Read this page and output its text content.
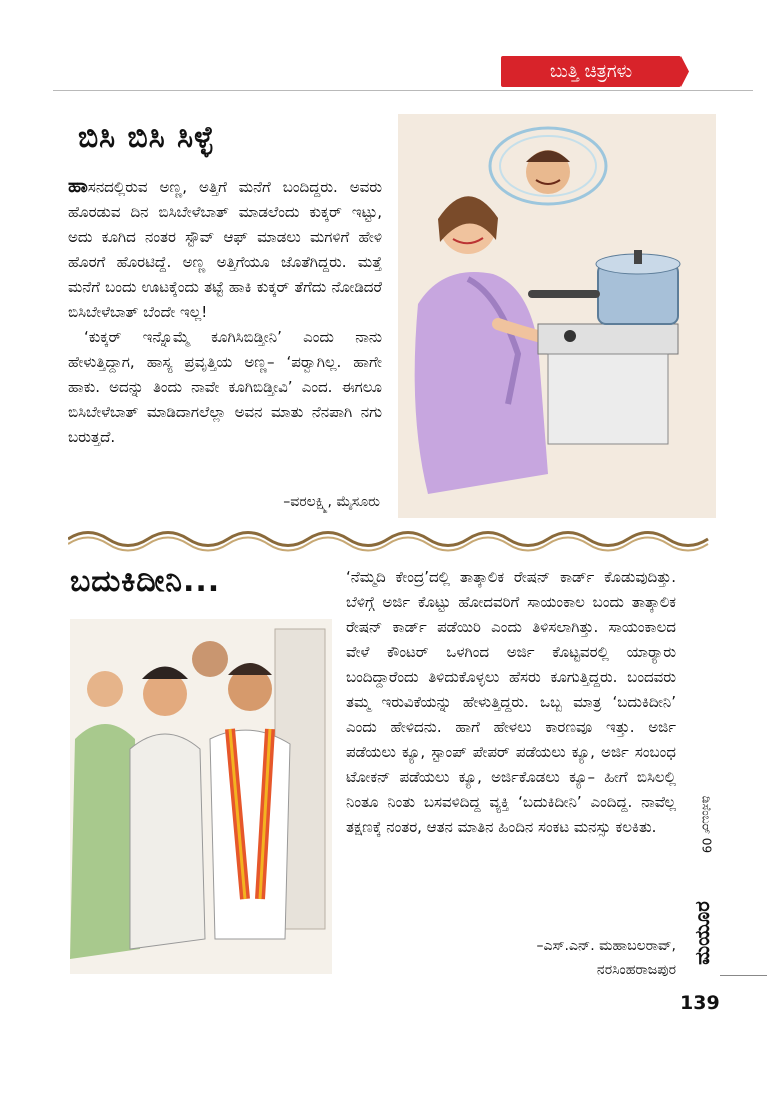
ಬುತ್ತಿ ಚಿತ್ರಗಳು
ಬಿಸಿ ಬಿಸಿ ಸಿಳ್ಳೆ

ಹಾಸನದಲ್ಲಿರುವ ಅಣ್ಣ, ಅತ್ತಿಗೆ ಮನೆಗೆ ಬಂದಿದ್ದರು. ಅವರು ಹೊರಡುವ ದಿನ ಬಿಸಿಬೇಳೆಬಾತ್ ಮಾಡಲೆಂದು ಕುಕ್ಕರ್ ಇಟ್ಟು, ಅದು ಕೂಗಿದ ನಂತರ ಸ್ಟೌವ್ ಆಫ್ ಮಾಡಲು ಮಗಳಿಗೆ ಹೇಳಿ ಹೊರಗೆ ಹೊರಟಿದ್ದೆ. ಅಣ್ಣ ಅತ್ತಿಗೆಯೂ ಜೊತೆಗಿದ್ದರು. ಮತ್ತೆ ಮನೆಗೆ ಬಂದು ಊಟಕ್ಕೆಂದು ತಟ್ಟೆ ಹಾಕಿ ಕುಕ್ಕರ್ ತೆಗೆದು ನೋಡಿದರೆ ಬಿಸಿಬೇಳೆಬಾತ್ ಬೆಂದೇ ಇಲ್ಲ!

‘ಕುಕ್ಕರ್ ಇನ್ನೊಮ್ಮೆ ಕೂಗಿಸಿಬಿಡ್ತೀನಿ’ ಎಂದು ನಾನು ಹೇಳುತ್ತಿದ್ದಾಗ, ಹಾಸ್ಯ ಪ್ರವೃತ್ತಿಯ ಅಣ್ಣ– ‘ಪರ್‍ವಾಗಿಲ್ಲ. ಹಾಗೇ ಹಾಕು. ಅದನ್ನು ತಿಂದು ನಾವೇ ಕೂಗಿಬಿಡ್ತೀವಿ’ ಎಂದ. ಈಗಲೂ ಬಿಸಿಬೇಳೆಬಾತ್ ಮಾಡಿದಾಗಲೆಲ್ಲಾ ಅವನ ಮಾತು ನೆನಪಾಗಿ ನಗು ಬರುತ್ತದೆ.

–ವರಲಕ್ಷ್ಮಿ, ಮೈಸೂರು
ಬದುಕಿದೀನಿ...	‘ನೆಮ್ಮದಿ ಕೇಂದ್ರ’ದಲ್ಲಿ ತಾತ್ಕಾಲಿಕ ರೇಷನ್ ಕಾರ್ಡ್ ಕೊಡುವುದಿತ್ತು. ಬೆಳಿಗ್ಗೆ ಅರ್ಜಿ ಕೊಟ್ಟು ಹೋದವರಿಗೆ ಸಾಯಂಕಾಲ ಬಂದು ತಾತ್ಕಾಲಿಕ ರೇಷನ್ ಕಾರ್ಡ್ ಪಡೆಯಿರಿ ಎಂದು ತಿಳಿಸಲಾಗಿತ್ತು. ಸಾಯಂಕಾಲದ ವೇಳೆ ಕೌಂಟರ್ ಒಳಗಿಂದ ಅರ್ಜಿ ಕೊಟ್ಟವರಲ್ಲಿ ಯಾರ್‍ಯಾರು ಬಂದಿದ್ದಾರೆಂದು ತಿಳಿದುಕೊಳ್ಳಲು ಹೆಸರು ಕೂಗುತ್ತಿದ್ದರು. ಬಂದವರು ತಮ್ಮ ಇರುವಿಕೆಯನ್ನು ಹೇಳುತ್ತಿದ್ದರು. ಒಬ್ಬ ಮಾತ್ರ ‘ಬದುಕಿದೀನಿ’ ಎಂದು ಹೇಳಿದನು. ಹಾಗೆ ಹೇಳಲು ಕಾರಣವೂ ಇತ್ತು. ಅರ್ಜಿ ಪಡೆಯಲು ಕ್ಯೂ, ಸ್ಟಾಂಪ್ ಪೇಪರ್ ಪಡೆಯಲು ಕ್ಯೂ, ಅರ್ಜಿ ಸಂಬಂಧ ಟೋಕನ್ ಪಡೆಯಲು ಕ್ಯೂ, ಅರ್ಜಿಕೊಡಲು ಕ್ಯೂ– ಹೀಗೆ ಬಿಸಿಲಲ್ಲಿ ನಿಂತೂ ನಿಂತು ಬಸವಳಿದಿದ್ದ ವ್ಯಕ್ತಿ ‘ಬದುಕಿದೀನಿ’ ಎಂದಿದ್ದ. ನಾವೆಲ್ಲ ತಕ್ಷಣಕ್ಕೆ ನಂತರ, ಆತನ ಮಾತಿನ ಹಿಂದಿನ ಸಂಕಟ ಮನಸ್ಸು ಕಲಕಿತು.
–ಎಸ್.ಎನ್. ಮಹಾಬಲರಾವ್,
ನರಸಿಂಹರಾಜಪುರ
ಮಯೂರ
ಡಿಸೆಂಬರ್ 09
139
